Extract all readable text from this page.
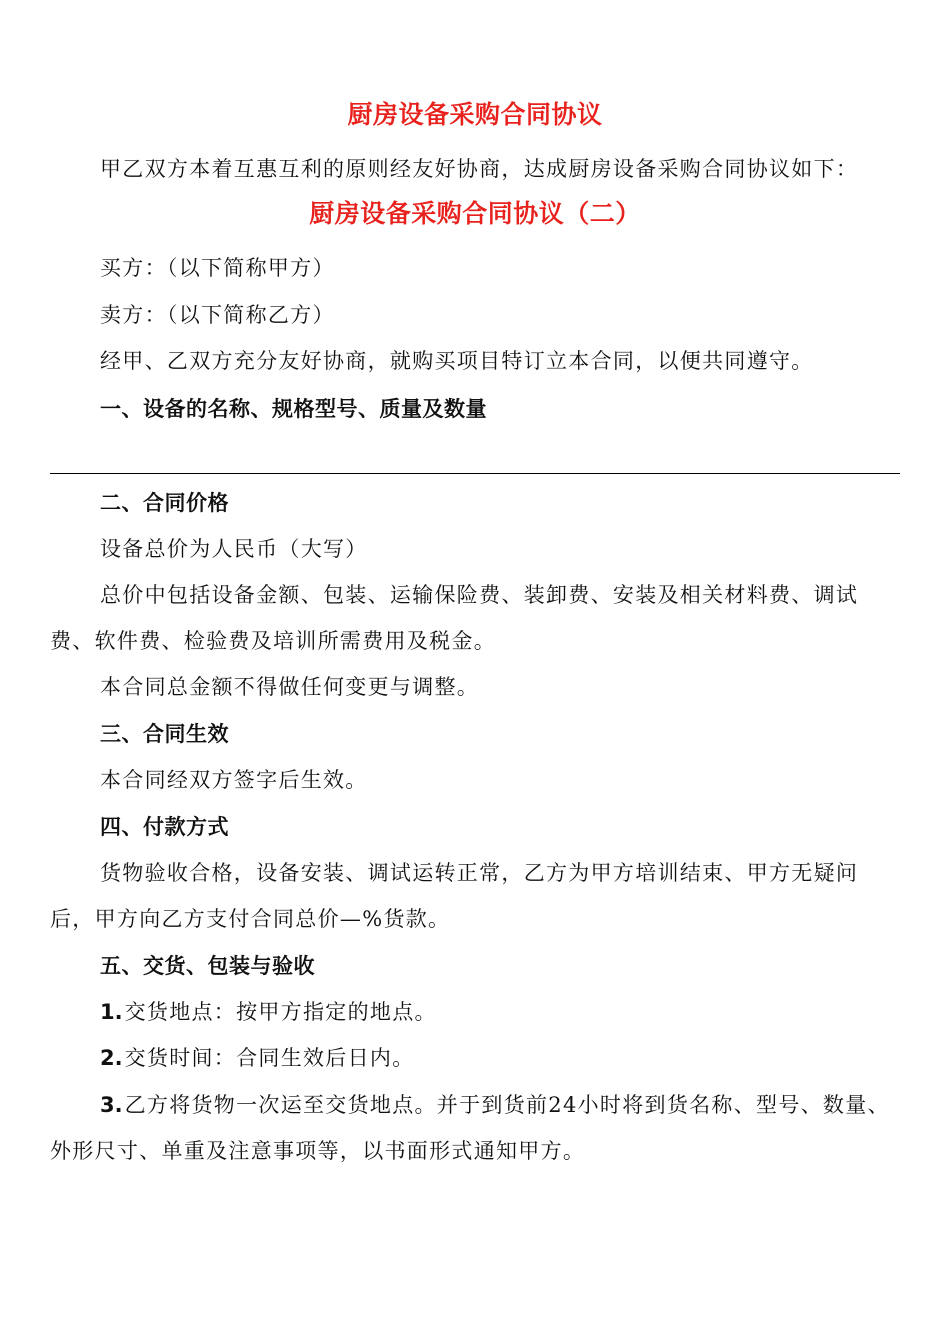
厨房设备采购合同协议
甲乙双方本着互惠互利的原则经友好协商，达成厨房设备采购合同协议如下：
厨房设备采购合同协议（二）
买方：（以下简称甲方）
卖方：（以下简称乙方）
经甲、乙双方充分友好协商，就购买项目特订立本合同，以便共同遵守。
一、设备的名称、规格型号、质量及数量
二、合同价格
设备总价为人民币（大写）
总价中包括设备金额、包装、运输保险费、装卸费、安装及相关材料费、调试费、软件费、检验费及培训所需费用及税金。
本合同总金额不得做任何变更与调整。
三、合同生效
本合同经双方签字后生效。
四、付款方式
货物验收合格，设备安装、调试运转正常，乙方为甲方培训结束、甲方无疑问后，甲方向乙方支付合同总价—%货款。
五、交货、包装与验收
1.交货地点：按甲方指定的地点。
2.交货时间：合同生效后日内。
3.乙方将货物一次运至交货地点。并于到货前24小时将到货名称、型号、数量、外形尺寸、单重及注意事项等，以书面形式通知甲方。
